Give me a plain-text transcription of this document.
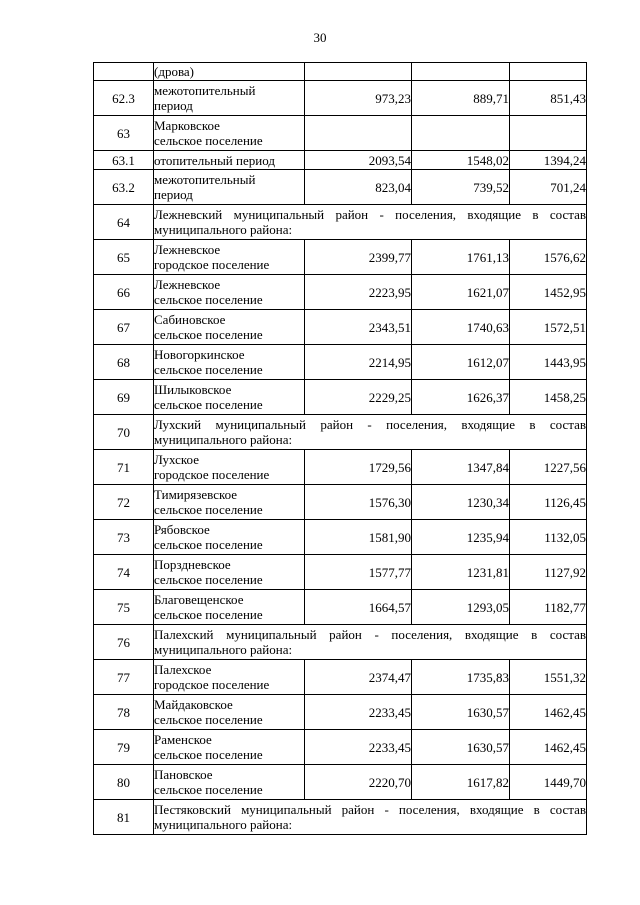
30

	(дрова)			

62.3	межотопительный
период	973,23	889,71	851,43
63	Марковское
сельское поселение			

63.1	отопительный период	2093,54	1548,02	1394,24
63.2	межотопительный
период	823,04	739,52	701,24
64	Лежневский муниципальный район - поселения, входящие в состав муниципального района:			
65	Лежневское
городское поселение	2399,77	1761,13	1576,62
66	Лежневское
сельское поселение	2223,95	1621,07	1452,95
67	Сабиновское
сельское поселение	2343,51	1740,63	1572,51
68	Новогоркинское
сельское поселение	2214,95	1612,07	1443,95
69	Шилыковское
сельское поселение	2229,25	1626,37	1458,25
70	Лухский муниципальный район - поселения, входящие в состав муниципального района:			
71	Лухское
городское поселение	1729,56	1347,84	1227,56
72	Тимирязевское
сельское поселение	1576,30	1230,34	1126,45
73	Рябовское
сельское поселение	1581,90	1235,94	1132,05
74	Порздневское
сельское поселение	1577,77	1231,81	1127,92
75	Благовещенское
сельское поселение	1664,57	1293,05	1182,77
76	Палехский муниципальный район - поселения, входящие в состав муниципального района:			
77	Палехское
городское поселение	2374,47	1735,83	1551,32
78	Майдаковское
сельское поселение	2233,45	1630,57	1462,45
79	Раменское
сельское поселение	2233,45	1630,57	1462,45
80	Пановское
сельское поселение	2220,70	1617,82	1449,70
81	Пестяковский муниципальный район - поселения, входящие в состав муниципального района:			
